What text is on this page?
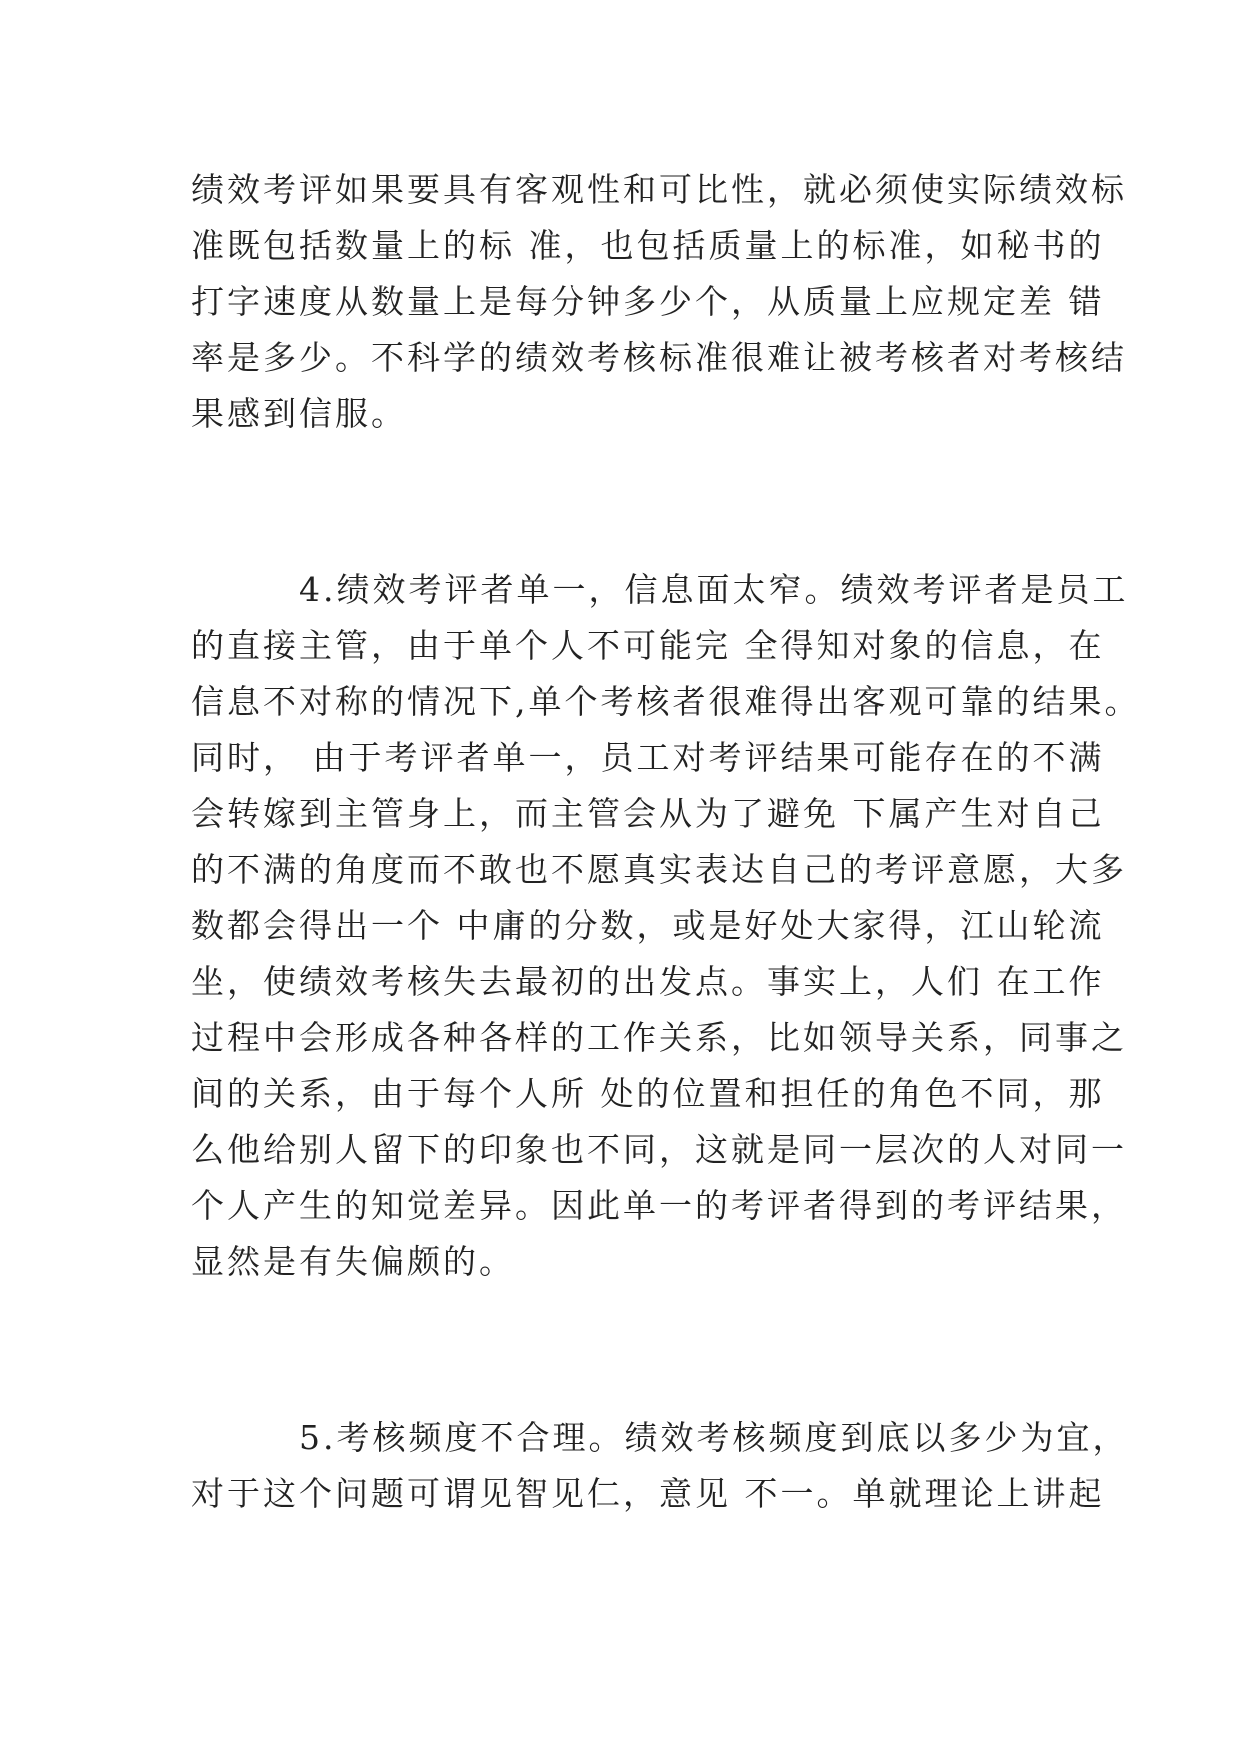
绩效考评如果要具有客观性和可比性，就必须使实际绩效标
准既包括数量上的标 准，也包括质量上的标准，如秘书的
打字速度从数量上是每分钟多少个，从质量上应规定差 错
率是多少。不科学的绩效考核标准很难让被考核者对考核结
果感到信服。
4.绩效考评者单一，信息面太窄。绩效考评者是员工
的直接主管，由于单个人不可能完 全得知对象的信息，在
信息不对称的情况下,单个考核者很难得出客观可靠的结果。
同时， 由于考评者单一，员工对考评结果可能存在的不满
会转嫁到主管身上，而主管会从为了避免 下属产生对自己
的不满的角度而不敢也不愿真实表达自己的考评意愿，大多
数都会得出一个 中庸的分数，或是好处大家得，江山轮流
坐，使绩效考核失去最初的出发点。事实上，人们 在工作
过程中会形成各种各样的工作关系，比如领导关系，同事之
间的关系，由于每个人所 处的位置和担任的角色不同，那
么他给别人留下的印象也不同，这就是同一层次的人对同一
个人产生的知觉差异。因此单一的考评者得到的考评结果，
显然是有失偏颇的。
5.考核频度不合理。绩效考核频度到底以多少为宜，
对于这个问题可谓见智见仁，意见 不一。单就理论上讲起
